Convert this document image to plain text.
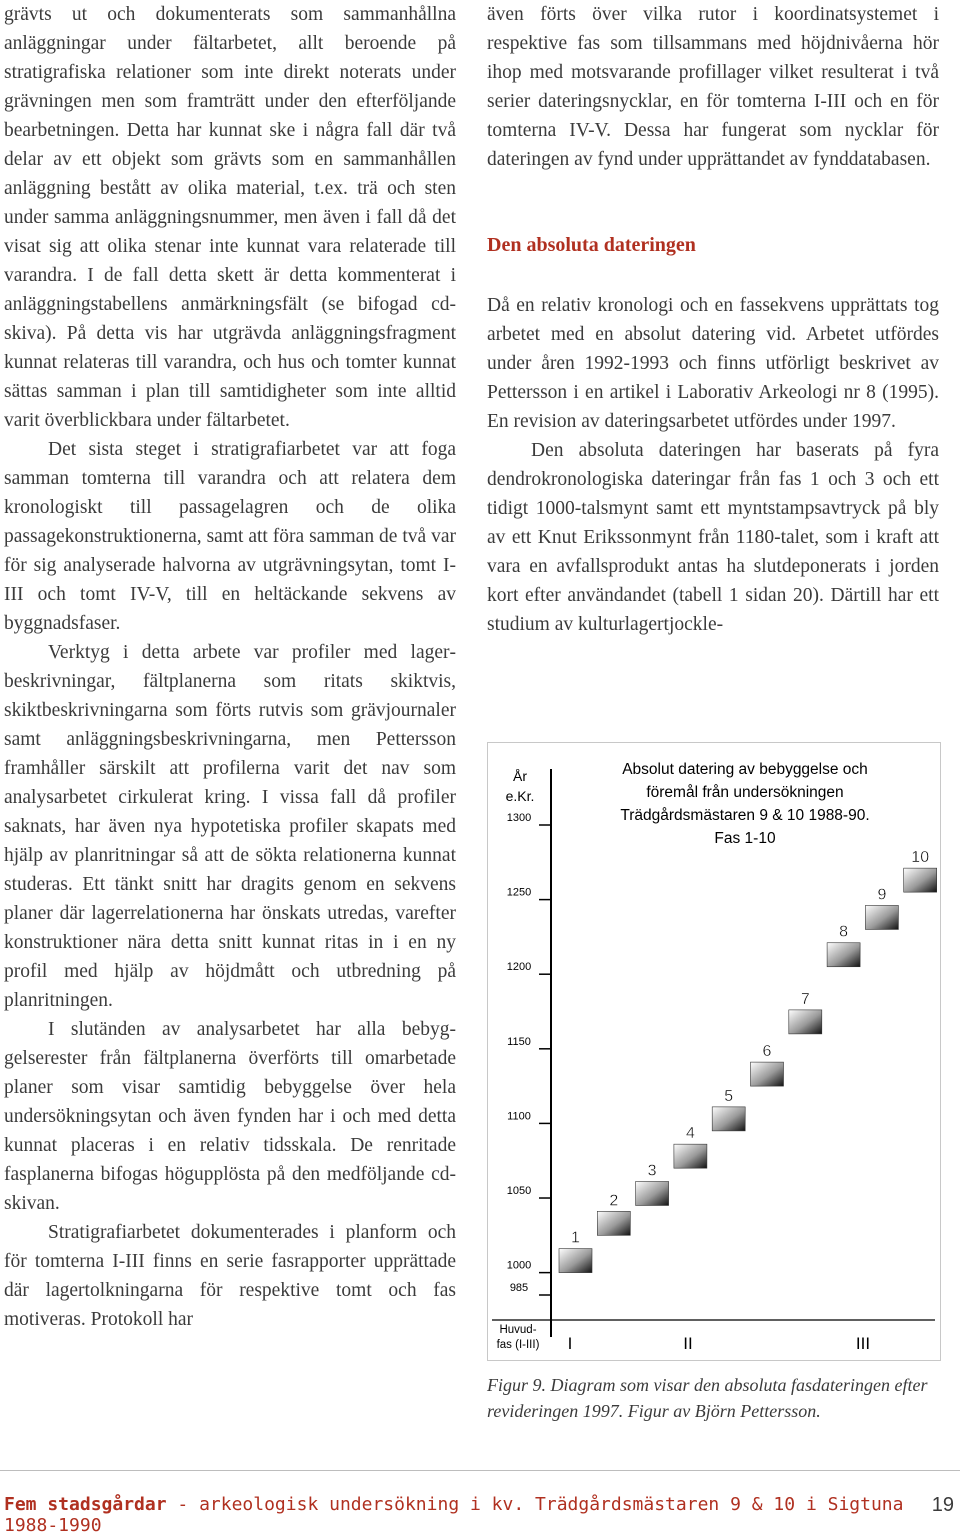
grävts ut och dokumenterats som sammanhållna anläggningar under fältarbetet, allt beroende på stratigrafiska relationer som inte direkt noterats under grävningen men som framträtt under den efterföljande bearbetningen. Detta har kunnat ske i några fall där två delar av ett objekt som grävts som en sammanhållen anläggning bestått av olika material, t.ex. trä och sten under samma anläggningsnummer, men även i fall då det visat sig att olika stenar inte kunnat vara relaterade till varandra. I de fall detta skett är detta kommenterat i anläggningstabellens anmärkningsfält (se bifogad cd-skiva). På detta vis har utgrävda anläggningsfragment kunnat relateras till varandra, och hus och tomter kunnat sättas samman i plan till samtidigheter som inte alltid varit överblickbara under fältarbetet.

Det sista steget i stratigrafiarbetet var att foga samman tomterna till varandra och att relatera dem kronologiskt till passagelagren och de olika passagekonstruktionerna, samt att föra samman de två var för sig analyserade halvorna av utgrävningsytan, tomt I-III och tomt IV-V, till en heltäckande sekvens av byggnadsfaser.

Verktyg i detta arbete var profiler med lagerbeskrivningar, fältplanerna som ritats skiktvis, skiktbeskrivningarna som förts rutvis som grävjournaler samt anläggningsbeskrivningarna, men Pettersson framhåller särskilt att profilerna varit det nav som analysarbetet cirkulerat kring. I vissa fall då profiler saknats, har även nya hypotetiska profiler skapats med hjälp av planritningar så att de sökta relationerna kunnat studeras. Ett tänkt snitt har dragits genom en sekvens planer där lagerrelationerna har önskats utredas, varefter konstruktioner nära detta snitt kunnat ritas in i en ny profil med hjälp av höjdmått och utbredning på planritningen.

I slutänden av analysarbetet har alla bebyggelserester från fältplanerna överförts till omarbetade planer som visar samtidig bebyggelse över hela undersökningsytan och även fynden har i och med detta kunnat placeras i en relativ tidsskala. De renritade fasplanerna bifogas högupplösta på den medföljande cd-skivan.

Stratigrafiarbetet dokumenterades i planform och för tomterna I-III finns en serie fasrapporter upprättade där lagertolkningarna för respektive tomt och fas motiveras. Protokoll har

även förts över vilka rutor i koordinatsystemet i respektive fas som tillsammans med höjdnivåerna hör ihop med motsvarande profillager vilket resulterat i två serier dateringsnycklar, en för tomterna I-III och en för tomterna IV-V. Dessa har fungerat som nycklar för dateringen av fynd under upprättandet av fynddatabasen.

Den absoluta dateringen

Då en relativ kronologi och en fassekvens upprättats tog arbetet med en absolut datering vid. Arbetet utfördes under åren 1992-1993 och finns utförligt beskrivet av Pettersson i en artikel i Laborativ Arkeologi nr 8 (1995). En revision av dateringsarbetet utfördes under 1997.

Den absoluta dateringen har baserats på fyra dendrokronologiska dateringar från fas 1 och 3 och ett tidigt 1000-talsmynt samt ett myntstampsavtryck på bly av ett Knut Erikssonmynt från 1180-talet, som i kraft att vara en avfallsprodukt antas ha slutdeponerats i jorden kort efter användandet (tabell 1 sidan 20). Därtill har ett studium av kulturlagertjockle-

År
e.Kr.
1300
1250
1200
1150
1100
1050
1000
985
Absolut datering av bebyggelse och
föremål från undersökningen
Trädgårdsmästaren 9 & 10 1988-90.
Fas 1-10
1
2
3
4
5
6
7
8
9
10
Huvud-
fas (I-III) I	II	III
Figur 9. Diagram som visar den absoluta fasdateringen efter revideringen 1997. Figur av Björn Pettersson.
Fem stadsgårdar - arkeologisk undersökning i kv. Trädgårdsmästaren 9 & 10 i Sigtuna 1988-1990
19
